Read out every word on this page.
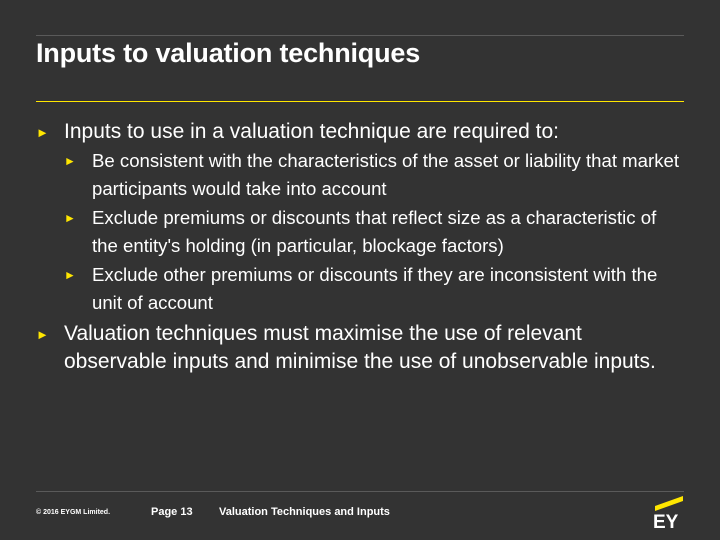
Inputs to valuation techniques
► Inputs to use in a valuation technique are required to:
► Be consistent with the characteristics of the asset or liability that market participants would take into account
► Exclude premiums or discounts that reflect size as a characteristic of the entity's holding (in particular, blockage factors)
► Exclude other premiums or discounts if they are inconsistent with the unit of account
► Valuation techniques must maximise the use of relevant observable inputs and minimise the use of unobservable inputs.
© 2016 EYGM Limited.	Page 13 Valuation Techniques and Inputs	EY
